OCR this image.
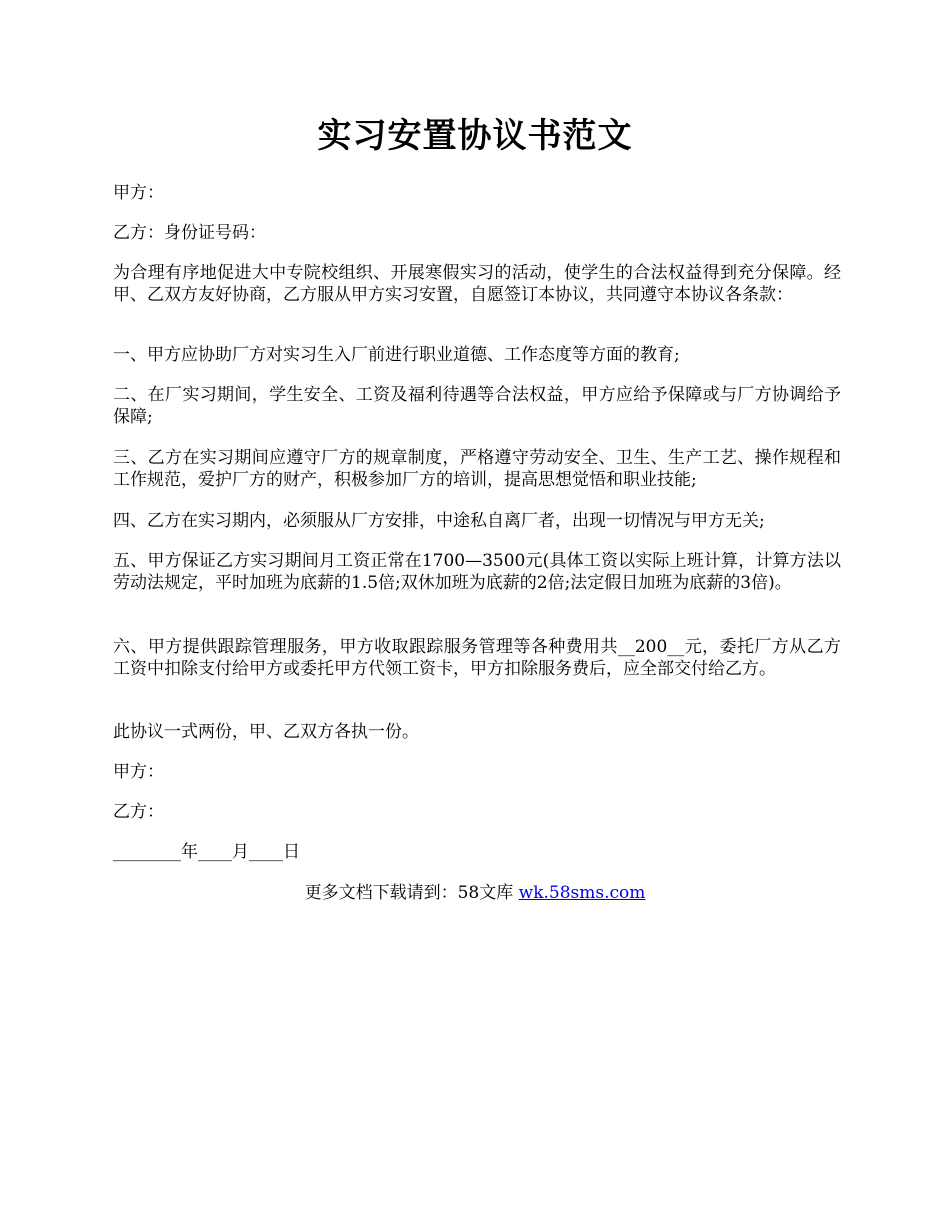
实习安置协议书范文

甲方：

乙方：身份证号码：

为合理有序地促进大中专院校组织、开展寒假实习的活动，使学生的合法权益得到充分保障。经甲、乙双方友好协商，乙方服从甲方实习安置，自愿签订本协议，共同遵守本协议各条款：

一、甲方应协助厂方对实习生入厂前进行职业道德、工作态度等方面的教育;

二、在厂实习期间，学生安全、工资及福利待遇等合法权益，甲方应给予保障或与厂方协调给予保障;

三、乙方在实习期间应遵守厂方的规章制度，严格遵守劳动安全、卫生、生产工艺、操作规程和工作规范，爱护厂方的财产，积极参加厂方的培训，提高思想觉悟和职业技能;

四、乙方在实习期内，必须服从厂方安排，中途私自离厂者，出现一切情况与甲方无关;

五、甲方保证乙方实习期间月工资正常在1700—3500元(具体工资以实际上班计算，计算方法以劳动法规定，平时加班为底薪的1.5倍;双休加班为底薪的2倍;法定假日加班为底薪的3倍)。

六、甲方提供跟踪管理服务，甲方收取跟踪服务管理等各种费用共__200__元，委托厂方从乙方工资中扣除支付给甲方或委托甲方代领工资卡，甲方扣除服务费后，应全部交付给乙方。

此协议一式两份，甲、乙双方各执一份。

甲方：

乙方：

________年____月____日

更多文档下载请到：58文库 wk.58sms.com
